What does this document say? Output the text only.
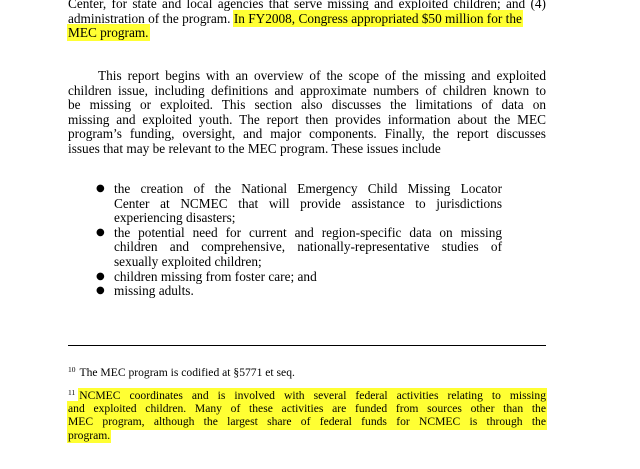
Center, for state and local agencies that serve missing and exploited children; and (4)
administration of the program. In FY2008, Congress appropriated $50 million for the
MEC program.

This report begins with an overview of the scope of the missing and exploited
children issue, including definitions and approximate numbers of children known to
be missing or exploited. This section also discusses the limitations of data on
missing and exploited youth. The report then provides information about the MEC
program’s funding, oversight, and major components. Finally, the report discusses
issues that may be relevant to the MEC program. These issues include

● the creation of the National Emergency Child Missing Locator
Center at NCMEC that will provide assistance to jurisdictions
experiencing disasters;
● the potential need for current and region-specific data on missing
children and comprehensive, nationally-representative studies of
sexually exploited children;
● children missing from foster care; and
● missing adults.

$^{10}$ The MEC program is codified at §5771 et seq.

$^{11}$ NCMEC coordinates and is involved with several federal activities relating to missing
and exploited children. Many of these activities are funded from sources other than the
MEC program, although the largest share of federal funds for NCMEC is through the
program.
